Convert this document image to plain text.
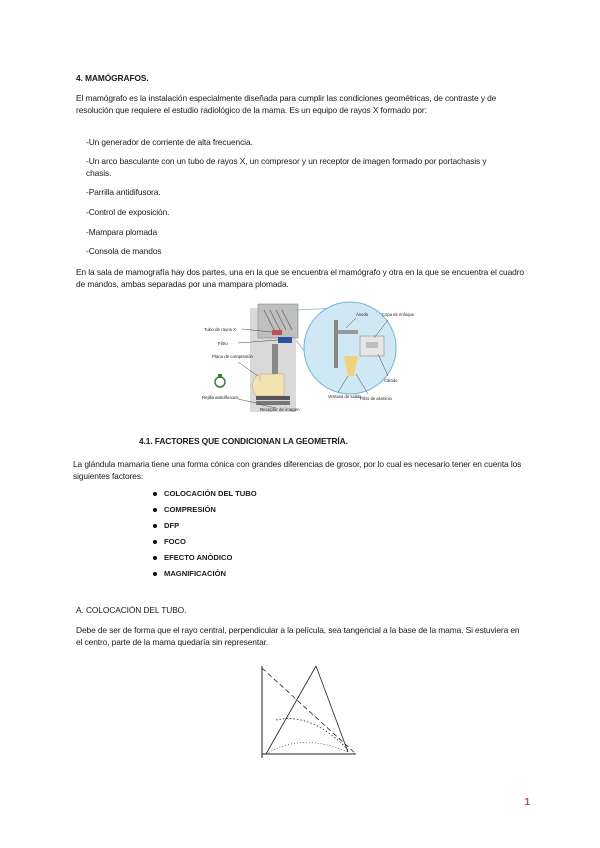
4. MAMÓGRAFOS.
El mamógrafo es la instalación especialmente diseñada para cumplir las condiciones geométricas, de contraste y de resolución que requiere el estudio radiológico de la mama. Es un equipo de rayos X formado por:
-Un generador de corriente de alta frecuencia.
-Un arco basculante con un tubo de rayos X, un compresor y un receptor de imagen formado por portachasis y chasis.
-Parrilla antidifusora.
-Control de exposición.
-Mampara plomada
-Consola de mandos
En la sala de mamografía hay dos partes, una en la que se encuentra el mamógrafo y otra en la que se encuentra el cuadro de mandos, ambas separadas por una mampara plomada.
Tubo de rayos X
Filtro
Placa de compresión
Rejilla antidifusora
Receptor de imagen
Ánodo	Copa de enfoque
Cátodo
Ventana de salida
Filtro de aluminio
4.1. FACTORES QUE CONDICIONAN LA GEOMETRÍA.
La glándula mamaria tiene una forma cónica con grandes diferencias de grosor, por lo cual es necesario tener en cuenta los siguientes factores:
COLOCACIÓN DEL TUBO
COMPRESIÓN
DFP
FOCO
EFECTO ANÓDICO
MAGNIFICACIÓN
A. COLOCACIÓN DEL TUBO.
Debe de ser de forma que el rayo central, perpendicular a la película, sea tangencial a la base de la mama. Si estuviera en el centro, parte de la mama quedaría sin representar.
1
